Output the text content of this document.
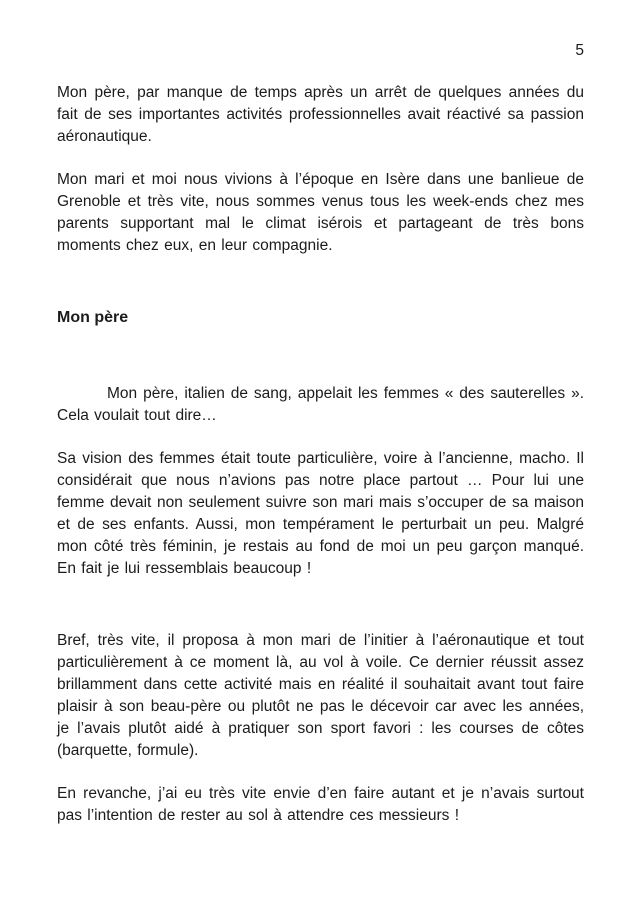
5

Mon père, par manque de temps après un arrêt de quelques années du fait de ses importantes activités professionnelles avait réactivé sa passion aéronautique.

Mon mari et moi nous vivions à l’époque en Isère dans une banlieue de Grenoble et très vite, nous sommes venus tous les week-ends chez mes parents supportant mal le climat isérois et partageant de très bons moments chez eux, en leur compagnie.

Mon père

Mon père, italien de sang, appelait les femmes « des sauterelles ». Cela voulait tout dire…

Sa vision des femmes était toute particulière, voire à l’ancienne, macho. Il considérait que nous n’avions pas notre place partout … Pour lui une femme devait non seulement suivre son mari mais s’occuper de sa maison et de ses enfants. Aussi, mon tempérament le perturbait un peu. Malgré mon côté très féminin, je restais au fond de moi un peu garçon manqué. En fait je lui ressemblais beaucoup !

Bref, très vite, il proposa à mon mari de l’initier à l’aéronautique et tout particulièrement à ce moment là, au vol à voile. Ce dernier réussit assez brillamment dans cette activité mais en réalité il souhaitait avant tout faire plaisir à son beau-père ou plutôt ne pas le décevoir car avec les années, je l’avais plutôt aidé à pratiquer son sport favori : les courses de côtes (barquette, formule).

En revanche, j’ai eu très vite envie d’en faire autant et je n’avais surtout pas l’intention de rester au sol à attendre ces messieurs !
